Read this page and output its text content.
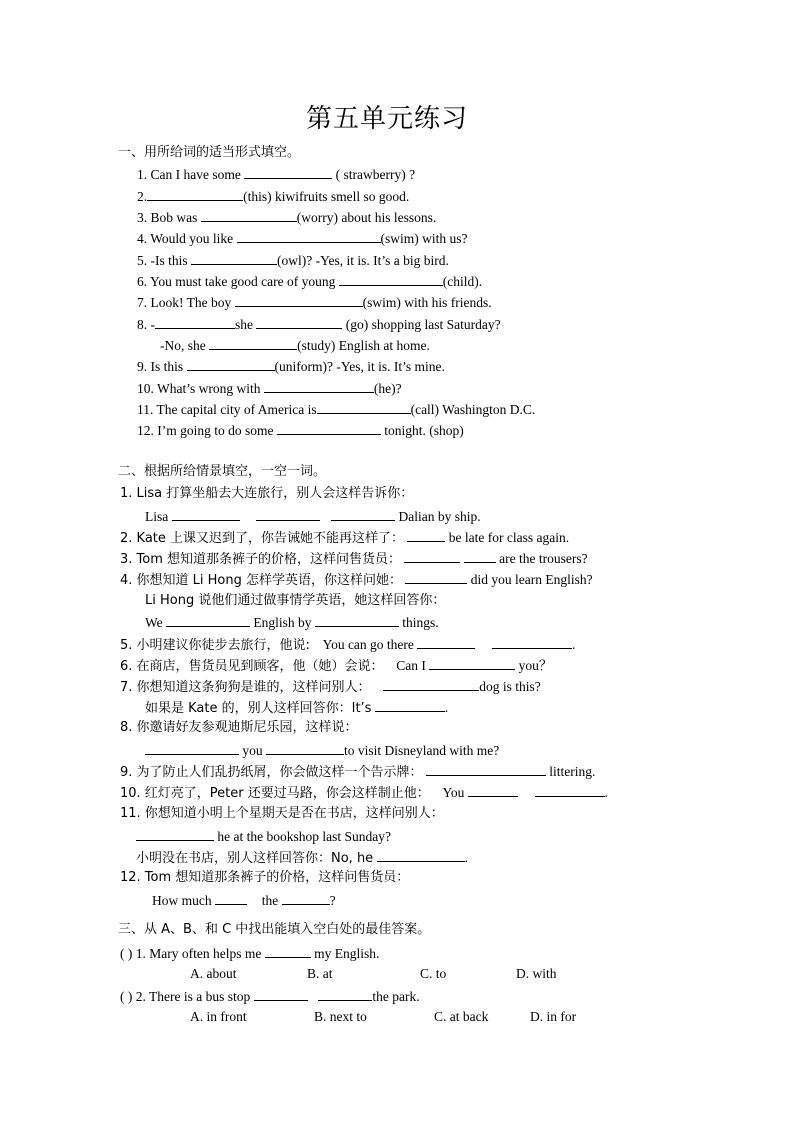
第五单元练习
一、用所给词的适当形式填空。
1. Can I have some	( strawberry) ?
2.	(this) kiwifruits smell so good.
3. Bob was	(worry) about his lessons.
4. Would you like	(swim) with us?
5. -Is this	(owl)? -Yes, it is. It’s a big bird.
6. You must take good care of young	(child).
7. Look! The boy	(swim) with his friends.
8. -	she	(go) shopping last Saturday?
-No, she	(study) English at home.
9. Is this	(uniform)? -Yes, it is. It’s mine.
10. What’s wrong with	(he)?
11. The capital city of America is	(call) Washington D.C.
12. I’m going to do some	tonight. (shop)
二、根据所给情景填空，一空一词。
1. Lisa 打算坐船去大连旅行，别人会这样告诉你：
Lisa	Dalian by ship.
2. Kate 上课又迟到了，你告诫她不能再这样了：	be late for class again.
3. Tom 想知道那条裤子的价格，这样问售货员：	are the trousers?
4. 你想知道 Li Hong 怎样学英语，你这样问她：	did you learn English?
Li Hong 说他们通过做事情学英语，她这样回答你：
We	English by	things.
5. 小明建议你徒步去旅行，他说: You can go there	.
6. 在商店，售货员见到顾客，他（她）会说： Can I	you？
7. 你想知道这条狗狗是谁的，这样问别人：	dog is this?
如果是 Kate 的，别人这样回答你：It’s	.
8. 你邀请好友参观迪斯尼乐园，这样说：
you	to visit Disneyland with me?
9. 为了防止人们乱扔纸屑，你会做这样一个告示牌：	littering.
10. 红灯亮了，Peter 还要过马路，你会这样制止他： You	.
11. 你想知道小明上个星期天是否在书店，这样问别人：
he at the bookshop last Sunday?
小明没在书店，别人这样回答你：No, he	.
12. Tom 想知道那条裤子的价格，这样问售货员：
How much	the	?
三、从 A、B、和 C 中找出能填入空白处的最佳答案。
( ) 1. Mary often helps me	my English.
A. about	B. at	C. to	D. with
( ) 2. There is a bus stop	the park.
A. in front	B. next to	C. at back	D. in for
